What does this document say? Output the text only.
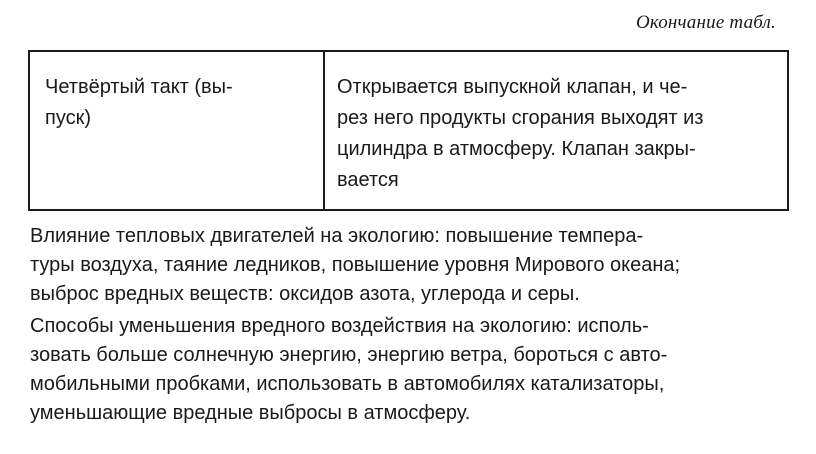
Окончание табл.
Четвёртый такт (вы-
пуск)
Открывается выпускной клапан, и че-
рез него продукты сгорания выходят из
цилиндра в атмосферу. Клапан закры-
вается
Влияние тепловых двигателей на экологию: повышение темпера-
туры воздуха, таяние ледников, повышение уровня Мирового океана;
выброс вредных веществ: оксидов азота, углерода и серы.
Способы уменьшения вредного воздействия на экологию: исполь-
зовать больше солнечную энергию, энергию ветра, бороться с авто-
мобильными пробками, использовать в автомобилях катализаторы,
уменьшающие вредные выбросы в атмосферу.
